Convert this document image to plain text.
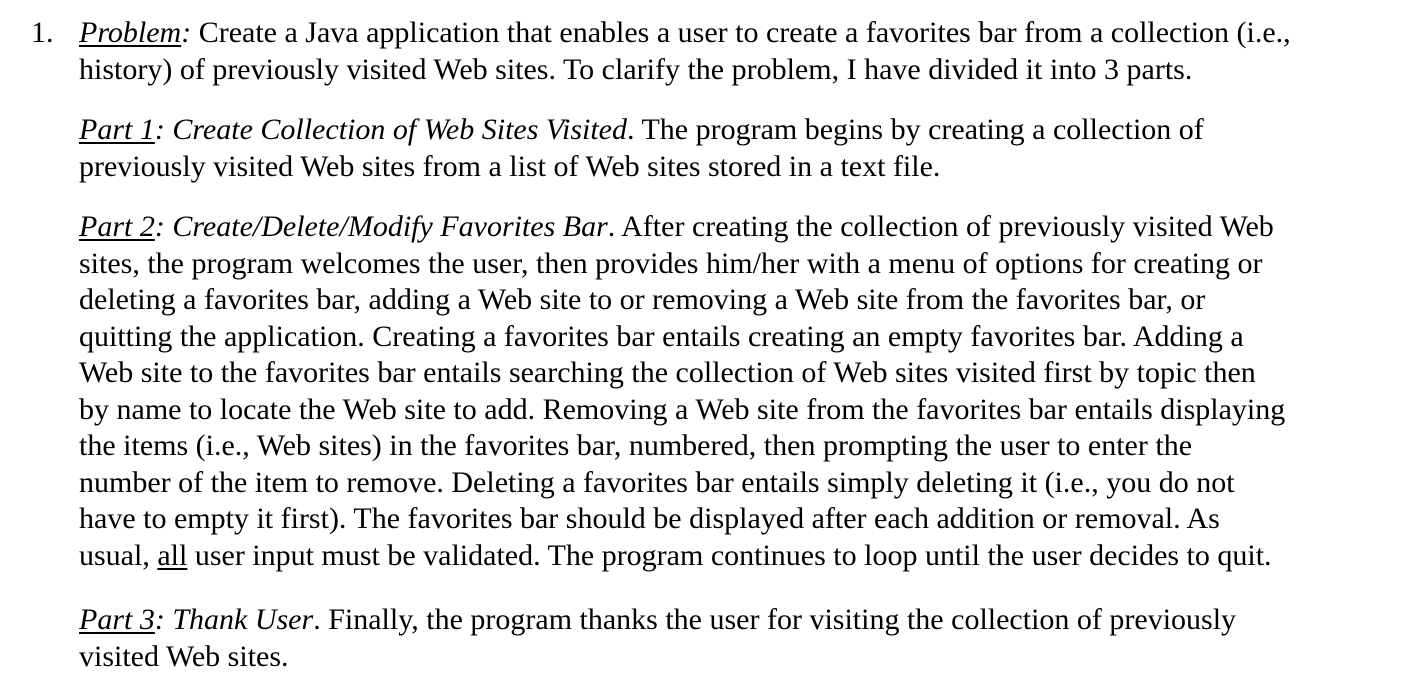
1. Problem: Create a Java application that enables a user to create a favorites bar from a collection (i.e.,
history) of previously visited Web sites. To clarify the problem, I have divided it into 3 parts.
Part 1: Create Collection of Web Sites Visited. The program begins by creating a collection of
previously visited Web sites from a list of Web sites stored in a text file.
Part 2: Create/Delete/Modify Favorites Bar. After creating the collection of previously visited Web
sites, the program welcomes the user, then provides him/her with a menu of options for creating or
deleting a favorites bar, adding a Web site to or removing a Web site from the favorites bar, or
quitting the application. Creating a favorites bar entails creating an empty favorites bar. Adding a
Web site to the favorites bar entails searching the collection of Web sites visited first by topic then
by name to locate the Web site to add. Removing a Web site from the favorites bar entails displaying
the items (i.e., Web sites) in the favorites bar, numbered, then prompting the user to enter the
number of the item to remove. Deleting a favorites bar entails simply deleting it (i.e., you do not
have to empty it first). The favorites bar should be displayed after each addition or removal. As
usual, all user input must be validated. The program continues to loop until the user decides to quit.
Part 3: Thank User. Finally, the program thanks the user for visiting the collection of previously
visited Web sites.
